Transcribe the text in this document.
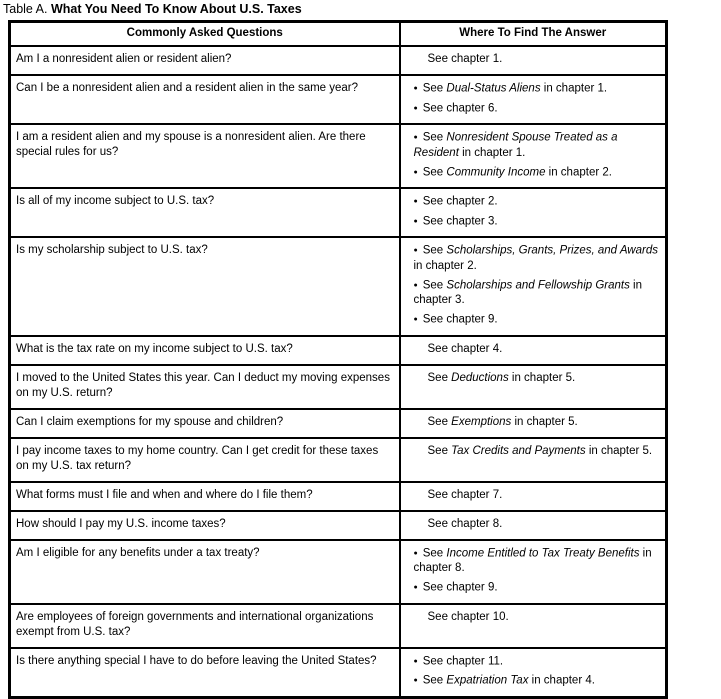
Table A. What You Need To Know About U.S. Taxes
Commonly Asked Questions	Where To Find The Answer
Am I a nonresident alien or resident alien?	See chapter 1.

Can I be a nonresident alien and a resident alien in the same year?	● See Dual-Status Aliens in chapter 1.
● See chapter 6.

I am a resident alien and my spouse is a nonresident alien. Are there special rules for us?	● See Nonresident Spouse Treated as a Resident in chapter 1.
● See Community Income in chapter 2.

Is all of my income subject to U.S. tax?	● See chapter 2.
● See chapter 3.

Is my scholarship subject to U.S. tax?	● See Scholarships, Grants, Prizes, and Awards in chapter 2.
● See Scholarships and Fellowship Grants in chapter 3.
● See chapter 9.

What is the tax rate on my income subject to U.S. tax?	See chapter 4.

I moved to the United States this year. Can I deduct my moving expenses on my U.S. return?	See Deductions in chapter 5.

Can I claim exemptions for my spouse and children?	See Exemptions in chapter 5.

I pay income taxes to my home country. Can I get credit for these taxes on my U.S. tax return?	See Tax Credits and Payments in chapter 5.

What forms must I file and when and where do I file them?	See chapter 7.

How should I pay my U.S. income taxes?	See chapter 8.

Am I eligible for any benefits under a tax treaty?	● See Income Entitled to Tax Treaty Benefits in chapter 8.
● See chapter 9.

Are employees of foreign governments and international organizations exempt from U.S. tax?	See chapter 10.

Is there anything special I have to do before leaving the United States?	● See chapter 11.
● See Expatriation Tax in chapter 4.
